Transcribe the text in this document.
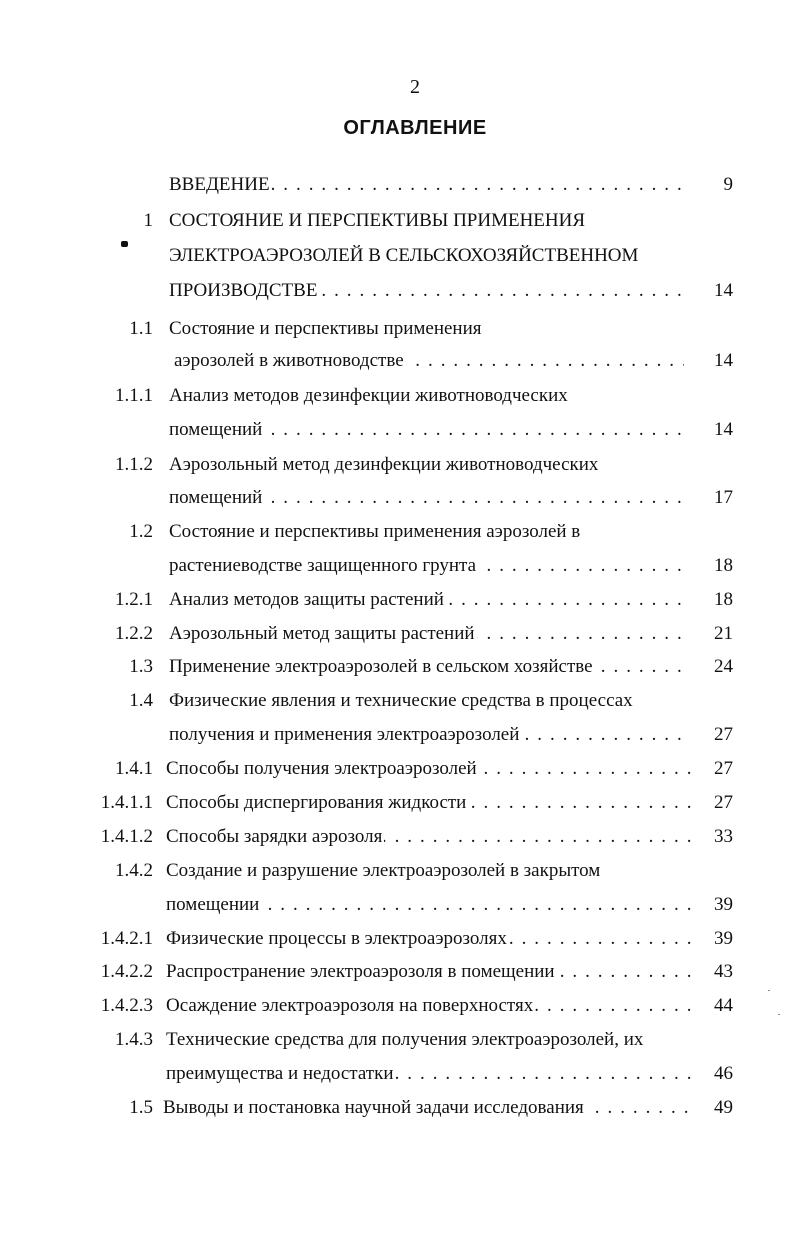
2
ОГЛАВЛЕНИЕ
ВВЕДЕНИЕ . . .	9
1 СОСТОЯНИЕ И ПЕРСПЕКТИВЫ ПРИМЕНЕНИЯ
ЭЛЕКТРОАЭРОЗОЛЕЙ В СЕЛЬСКОХОЗЯЙСТВЕННОМ
ПРОИЗВОДСТВЕ . . .	14
1.1 Состояние и перспективы применения
аэрозолей в животноводстве . . .	14
1.1.1 Анализ методов дезинфекции животноводческих
помещений . . .	14
1.1.2 Аэрозольный метод дезинфекции животноводческих
помещений . . .	17
1.2 Состояние и перспективы применения аэрозолей в
растениеводстве защищенного грунта . . .	18
1.2.1 Анализ методов защиты растений . . .	18
1.2.2 Аэрозольный метод защиты растений . . .	21
1.3 Применение электроаэрозолей в сельском хозяйстве . . .	24
1.4 Физические явления и технические средства в процессах
получения и применения электроаэрозолей . . .	27
1.4.1 Способы получения электроаэрозолей . . .	27
1.4.1.1 Способы диспергирования жидкости . . .	27
1.4.1.2 Способы зарядки аэрозоля . . .	33
1.4.2 Создание и разрушение электроаэрозолей в закрытом
помещении . . .	39
1.4.2.1 Физические процессы в электроаэрозолях . . .	39
1.4.2.2 Распространение электроаэрозоля в помещении . . .	43
1.4.2.3 Осаждение электроаэрозоля на поверхностях . . .	44
1.4.3 Технические средства для получения электроаэрозолей, их
преимущества и недостатки . . .	46
1.5 Выводы и постановка научной задачи исследования . . .	49
